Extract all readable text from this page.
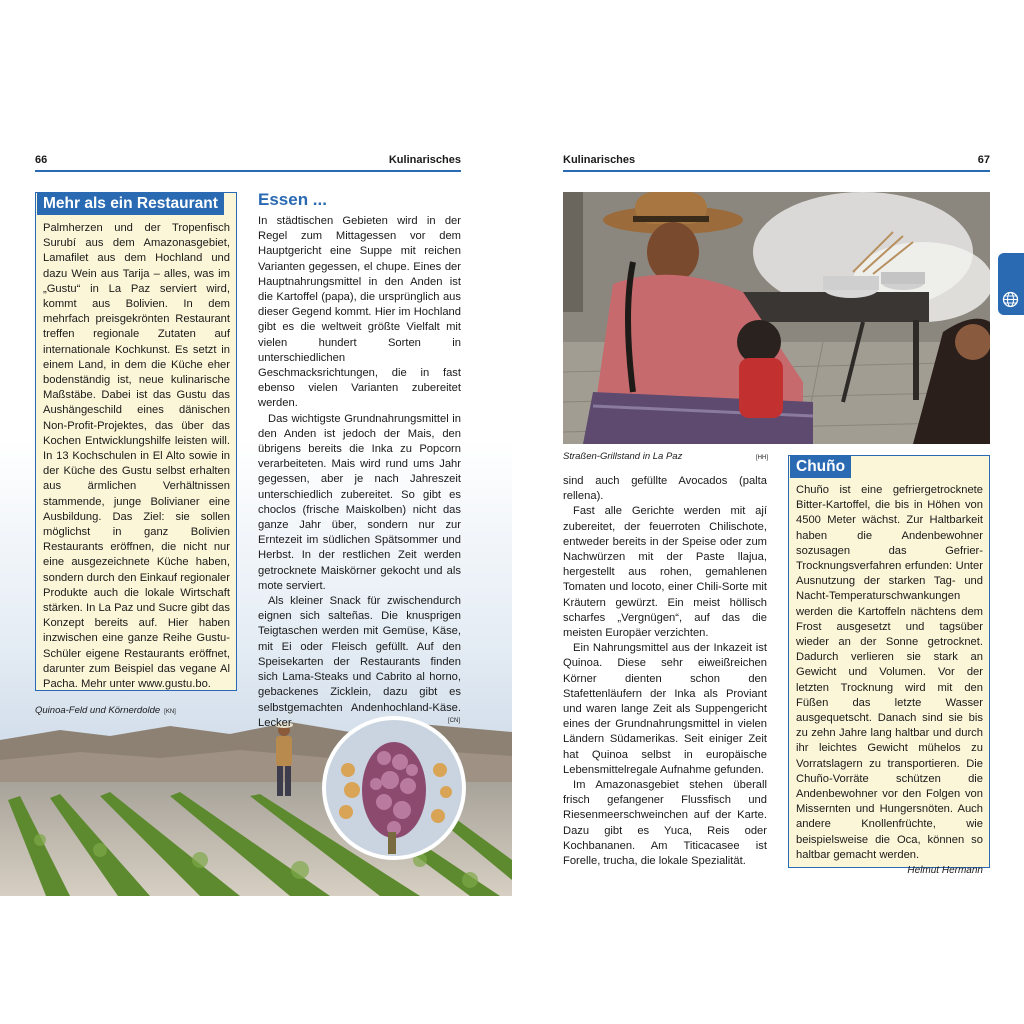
66	Kulinarisches
Quinoa-Feld und Körnerdolde [KN]
[CN]
Mehr als ein Restaurant
Palmherzen und der Tropenfisch Surubí aus dem Amazonasgebiet, Lamafilet aus dem Hochland und dazu Wein aus Tarija – alles, was im „Gustu“ in La Paz serviert wird, kommt aus Bolivien. In dem mehrfach preisgekrönten Restaurant treffen regionale Zutaten auf internationale Kochkunst. Es setzt in einem Land, in dem die Küche eher bodenständig ist, neue kulinarische Maßstäbe. Dabei ist das Gustu das Aushängeschild eines dänischen Non-Profit-Projektes, das über das Kochen Entwicklungshilfe leisten will. In 13 Kochschulen in El Alto sowie in der Küche des Gustu selbst erhalten aus ärmlichen Verhältnissen stammende, junge Bolivianer eine Ausbildung. Das Ziel: sie sollen möglichst in ganz Bolivien Restaurants eröffnen, die nicht nur eine ausgezeichnete Küche haben, sondern durch den Einkauf regionaler Produkte auch die lokale Wirtschaft stärken. In La Paz und Sucre gibt das Konzept bereits auf. Hier haben inzwischen eine ganze Reihe Gustu-Schüler eigene Restaurants eröffnet, darunter zum Beispiel das vegane Al Pacha. Mehr unter www.gustu.bo.
Essen ...

In städtischen Gebieten wird in der Regel zum Mittagessen vor dem Hauptgericht eine Suppe mit reichen Varianten gegessen, el chupe. Eines der Hauptnahrungsmittel in den Anden ist die Kartoffel (papa), die ursprünglich aus dieser Gegend kommt. Hier im Hochland gibt es die weltweit größte Vielfalt mit vielen hundert Sorten in unterschiedlichen Geschmacksrichtungen, die in fast ebenso vielen Varianten zubereitet werden.

Das wichtigste Grundnahrungsmittel in den Anden ist jedoch der Mais, den übrigens bereits die Inka zu Popcorn verarbeiteten. Mais wird rund ums Jahr gegessen, aber je nach Jahreszeit unterschiedlich zubereitet. So gibt es choclos (frische Maiskolben) nicht das ganze Jahr über, sondern nur zur Erntezeit im südlichen Spätsommer und Herbst. In der restlichen Zeit werden getrocknete Maiskörner gekocht und als mote serviert.

Als kleiner Snack für zwischendurch eignen sich salteñas. Die knusprigen Teigtaschen werden mit Gemüse, Käse, mit Ei oder Fleisch gefüllt. Auf den Speisekarten der Restaurants finden sich Lama-Steaks und Cabrito al horno, gebackenes Zicklein, dazu gibt es selbstgemachten Andenhochland-Käse. Lecker

Kulinarisches	67
Straßen-Grillstand in La Paz	[HH]

sind auch gefüllte Avocados (palta rellena).

Fast alle Gerichte werden mit ají zubereitet, der feuerroten Chilischote, entweder bereits in der Speise oder zum Nachwürzen mit der Paste llajua, hergestellt aus rohen, gemahlenen Tomaten und locoto, einer Chili-Sorte mit Kräutern gewürzt. Ein meist höllisch scharfes „Vergnügen“, auf das die meisten Europäer verzichten.

Ein Nahrungsmittel aus der Inkazeit ist Quinoa. Diese sehr eiweißreichen Körner dienten schon den Stafettenläufern der Inka als Proviant und waren lange Zeit als Suppengericht eines der Grundnahrungsmittel in vielen Ländern Südamerikas. Seit einiger Zeit hat Quinoa selbst in europäische Lebensmittelregale Aufnahme gefunden.

Im Amazonasgebiet stehen überall frisch gefangener Flussfisch und Riesenmeerschweinchen auf der Karte. Dazu gibt es Yuca, Reis oder Kochbananen. Am Titicacasee ist Forelle, trucha, die lokale Spezialität.

Chuño
Chuño ist eine gefriergetrocknete Bitter-Kartoffel, die bis in Höhen von 4500 Meter wächst. Zur Haltbarkeit haben die Andenbewohner sozusagen das Gefrier-Trocknungsverfahren erfunden: Unter Ausnutzung der starken Tag- und Nacht-Temperaturschwankungen werden die Kartoffeln nächtens dem Frost ausgesetzt und tagsüber wieder an der Sonne getrocknet. Dadurch verlieren sie stark an Gewicht und Volumen. Vor der letzten Trocknung wird mit den Füßen das letzte Wasser ausgequetscht. Danach sind sie bis zu zehn Jahre lang haltbar und durch ihr leichtes Gewicht mühelos zu Vorratslagern zu transportieren. Die Chuño-Vorräte schützen die Andenbewohner vor den Folgen von Missernten und Hungersnöten. Auch andere Knollenfrüchte, wie beispielsweise die Oca, können so haltbar gemacht werden.
Helmut Hermann
